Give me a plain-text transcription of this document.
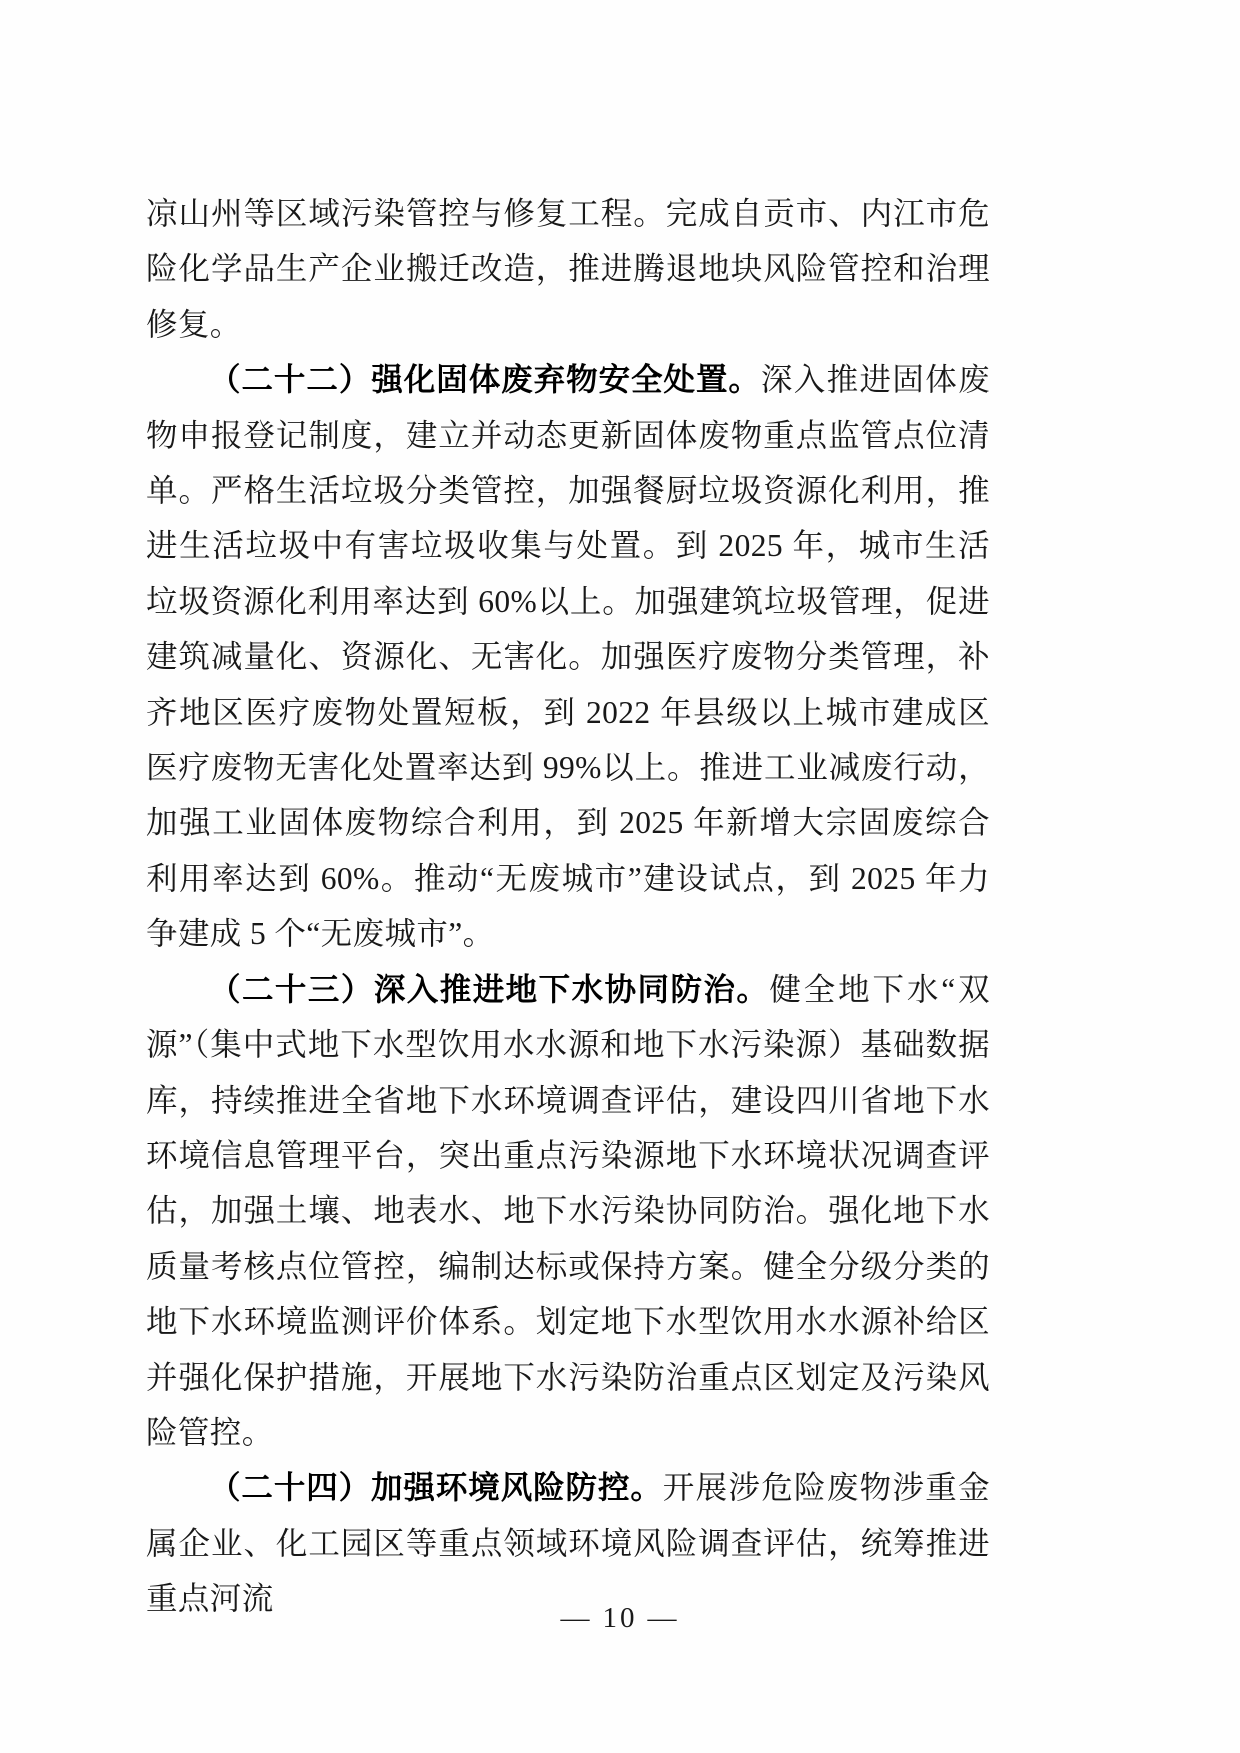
凉山州等区域污染管控与修复工程。完成自贡市、内江市危险化学品生产企业搬迁改造，推进腾退地块风险管控和治理修复。

（二十二）强化固体废弃物安全处置。深入推进固体废物申报登记制度，建立并动态更新固体废物重点监管点位清单。严格生活垃圾分类管控，加强餐厨垃圾资源化利用，推进生活垃圾中有害垃圾收集与处置。到 2025 年，城市生活垃圾资源化利用率达到 60%以上。加强建筑垃圾管理，促进建筑减量化、资源化、无害化。加强医疗废物分类管理，补齐地区医疗废物处置短板，到 2022 年县级以上城市建成区医疗废物无害化处置率达到 99%以上。推进工业减废行动，加强工业固体废物综合利用，到 2025 年新增大宗固废综合利用率达到 60%。推动“无废城市”建设试点，到 2025 年力争建成 5 个“无废城市”。

（二十三）深入推进地下水协同防治。健全地下水“双源”（集中式地下水型饮用水水源和地下水污染源）基础数据库，持续推进全省地下水环境调查评估，建设四川省地下水环境信息管理平台，突出重点污染源地下水环境状况调查评估，加强土壤、地表水、地下水污染协同防治。强化地下水质量考核点位管控，编制达标或保持方案。健全分级分类的地下水环境监测评价体系。划定地下水型饮用水水源补给区并强化保护措施，开展地下水污染防治重点区划定及污染风险管控。

（二十四）加强环境风险防控。开展涉危险废物涉重金属企业、化工园区等重点领域环境风险调查评估，统筹推进重点河流

— 10 —
